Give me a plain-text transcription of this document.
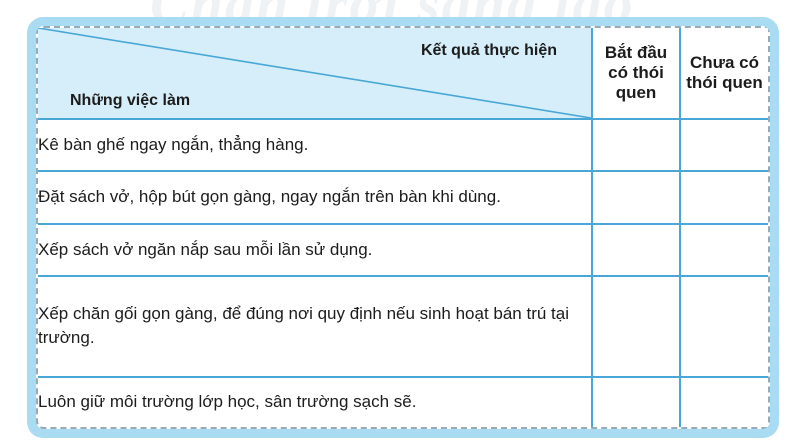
Kết quả thực hiện
Những việc làm	Bắt đầu có thói quen	Chưa có thói quen
Kê bàn ghế ngay ngắn, thẳng hàng.		
Đặt sách vở, hộp bút gọn gàng, ngay ngắn trên bàn khi dùng.		
Xếp sách vở ngăn nắp sau mỗi lần sử dụng.		
Xếp chăn gối gọn gàng, để đúng nơi quy định nếu sinh hoạt bán trú tại trường.		
Luôn giữ môi trường lớp học, sân trường sạch sẽ.		
